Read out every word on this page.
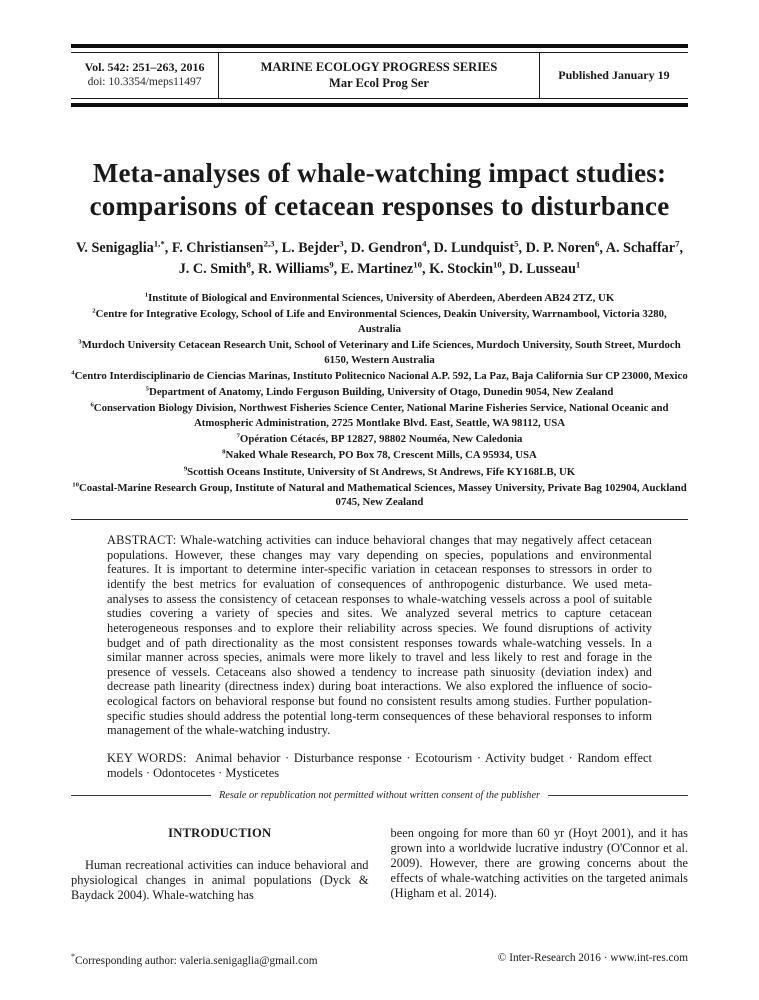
Vol. 542: 251–263, 2016
doi: 10.3354/meps11497
MARINE ECOLOGY PROGRESS SERIES
Mar Ecol Prog Ser
Published January 19
Meta-analyses of whale-watching impact studies:
comparisons of cetacean responses to disturbance
V. Senigaglia$^{1,*}$, F. Christiansen$^{2,3}$, L. Bejder$^3$, D. Gendron$^4$, D. Lundquist$^5$, D. P. Noren$^6$, A. Schaffar$^7$, J. C. Smith$^8$, R. Williams$^9$, E. Martinez$^{10}$, K. Stockin$^{10}$, D. Lusseau$^1$
$^1$Institute of Biological and Environmental Sciences, University of Aberdeen, Aberdeen AB24 2TZ, UK
$^2$Centre for Integrative Ecology, School of Life and Environmental Sciences, Deakin University, Warrnambool, Victoria 3280, Australia
$^3$Murdoch University Cetacean Research Unit, School of Veterinary and Life Sciences, Murdoch University, South Street, Murdoch 6150, Western Australia
$^4$Centro Interdisciplinario de Ciencias Marinas, Instituto Politecnico Nacional A.P. 592, La Paz, Baja California Sur CP 23000, Mexico
$^5$Department of Anatomy, Lindo Ferguson Building, University of Otago, Dunedin 9054, New Zealand
$^6$Conservation Biology Division, Northwest Fisheries Science Center, National Marine Fisheries Service, National Oceanic and Atmospheric Administration, 2725 Montlake Blvd. East, Seattle, WA 98112, USA
$^7$Opération Cétacés, BP 12827, 98802 Nouméa, New Caledonia
$^8$Naked Whale Research, PO Box 78, Crescent Mills, CA 95934, USA
$^9$Scottish Oceans Institute, University of St Andrews, St Andrews, Fife KY168LB, UK
$^{10}$Coastal-Marine Research Group, Institute of Natural and Mathematical Sciences, Massey University, Private Bag 102904, Auckland 0745, New Zealand

ABSTRACT: Whale-watching activities can induce behavioral changes that may negatively affect cetacean populations. However, these changes may vary depending on species, populations and environmental features. It is important to determine inter-specific variation in cetacean responses to stressors in order to identify the best metrics for evaluation of consequences of anthropogenic disturbance. We used meta-analyses to assess the consistency of cetacean responses to whale-watching vessels across a pool of suitable studies covering a variety of species and sites. We analyzed several metrics to capture cetacean heterogeneous responses and to explore their reliability across species. We found disruptions of activity budget and of path directionality as the most consistent responses towards whale-watching vessels. In a similar manner across species, animals were more likely to travel and less likely to rest and forage in the presence of vessels. Cetaceans also showed a tendency to increase path sinuosity (deviation index) and decrease path linearity (directness index) during boat interactions. We also explored the influence of socio-ecological factors on behavioral response but found no consistent results among studies. Further population-specific studies should address the potential long-term consequences of these behavioral responses to inform management of the whale-watching industry.

KEY WORDS: Animal behavior · Disturbance response · Ecotourism · Activity budget · Random effect models · Odontocetes · Mysticetes

Resale or republication not permitted without written consent of the publisher
INTRODUCTION

Human recreational activities can induce behavioral and physiological changes in animal populations (Dyck & Baydack 2004). Whale-watching has

been ongoing for more than 60 yr (Hoyt 2001), and it has grown into a worldwide lucrative industry (O'Connor et al. 2009). However, there are growing concerns about the effects of whale-watching activities on the targeted animals (Higham et al. 2014).

*Corresponding author: valeria.senigaglia@gmail.com	© Inter-Research 2016 · www.int-res.com
